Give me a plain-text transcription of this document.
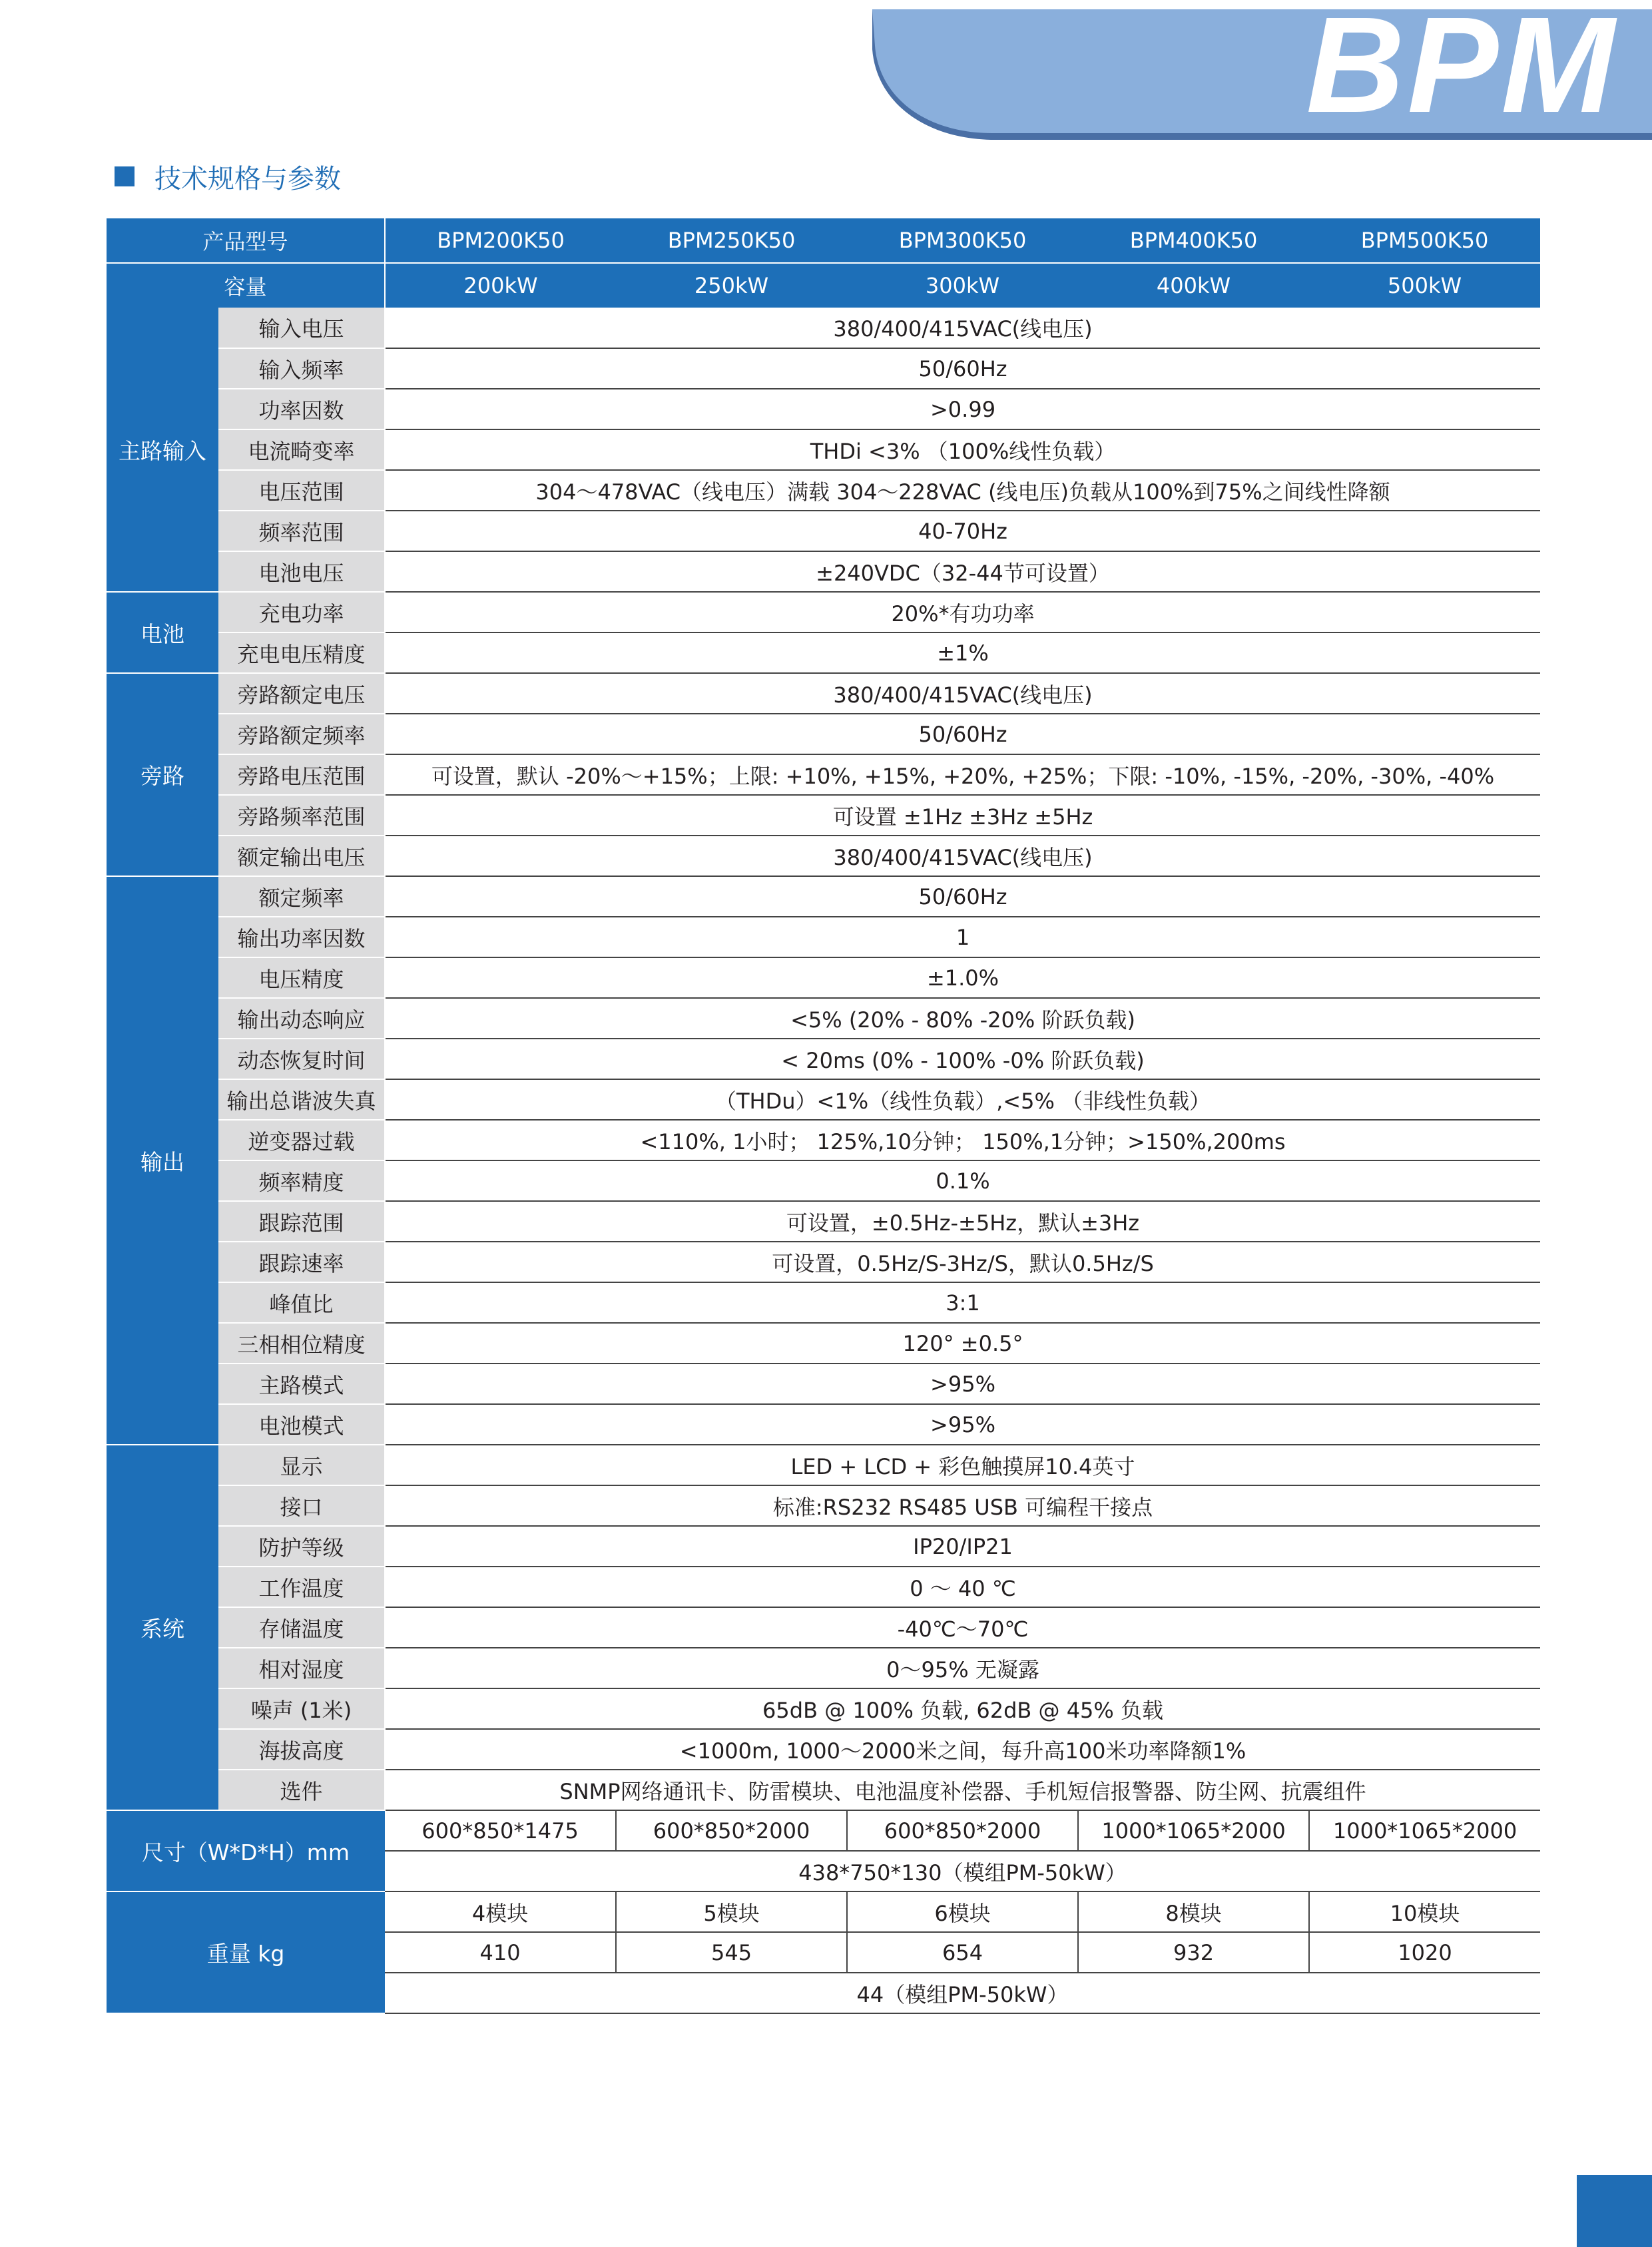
BPM
技术规格与参数
产品型号		BPM200K50	BPM250K50	BPM300K50	BPM400K50	BPM500K50
容量		200kW	250kW	300kW	400kW	500kW
主路输入	输入电压	380/400/415VAC(线电压)				
	输入频率	50/60Hz				
	功率因数	>0.99				
	电流畸变率	THDi <3% （100%线性负载）				
	电压范围	304～478VAC（线电压）满载 304～228VAC (线电压)负载从100%到75%之间线性降额				
	频率范围	40-70Hz				
	电池电压	±240VDC（32-44节可设置）				
电池	充电功率	20%*有功功率				
	充电电压精度	±1%				
旁路	旁路额定电压	380/400/415VAC(线电压)				
	旁路额定频率	50/60Hz				
	旁路电压范围	可设置，默认 -20%～+15%；上限: +10%, +15%, +20%, +25%；下限: -10%, -15%, -20%, -30%, -40%				
	旁路频率范围	可设置 ±1Hz ±3Hz ±5Hz				
	额定输出电压	380/400/415VAC(线电压)				
输出	额定频率	50/60Hz				
	输出功率因数	1				
	电压精度	±1.0%				
	输出动态响应	<5% (20% - 80% -20% 阶跃负载)				
	动态恢复时间	< 20ms (0% - 100% -0% 阶跃负载)				
	输出总谐波失真	（THDu）<1%（线性负载）,<5% （非线性负载）				
	逆变器过载	<110%, 1小时； 125%,10分钟； 150%,1分钟；>150%,200ms				
	频率精度	0.1%				
	跟踪范围	可设置，±0.5Hz-±5Hz，默认±3Hz				
	跟踪速率	可设置，0.5Hz/S-3Hz/S，默认0.5Hz/S				
	峰值比	3:1				
	三相相位精度	120° ±0.5°				
	主路模式	>95%				
	电池模式	>95%				
系统	显示	LED + LCD + 彩色触摸屏10.4英寸				
	接口	标准:RS232 RS485 USB 可编程干接点				
	防护等级	IP20/IP21				
	工作温度	0 ～ 40 ℃				
	存储温度	-40℃～70℃				
	相对湿度	0～95% 无凝露				
	噪声 (1米)	65dB @ 100% 负载, 62dB @ 45% 负载				
	海拔高度	<1000m, 1000～2000米之间，每升高100米功率降额1%				
	选件	SNMP网络通讯卡、防雷模块、电池温度补偿器、手机短信报警器、防尘网、抗震组件				
尺寸（W*D*H）mm		600*850*1475	600*850*2000	600*850*2000	1000*1065*2000	1000*1065*2000
		438*750*130（模组PM-50kW）				
重量 kg		4模块	5模块	6模块	8模块	10模块
		410	545	654	932	1020
		44（模组PM-50kW）				
